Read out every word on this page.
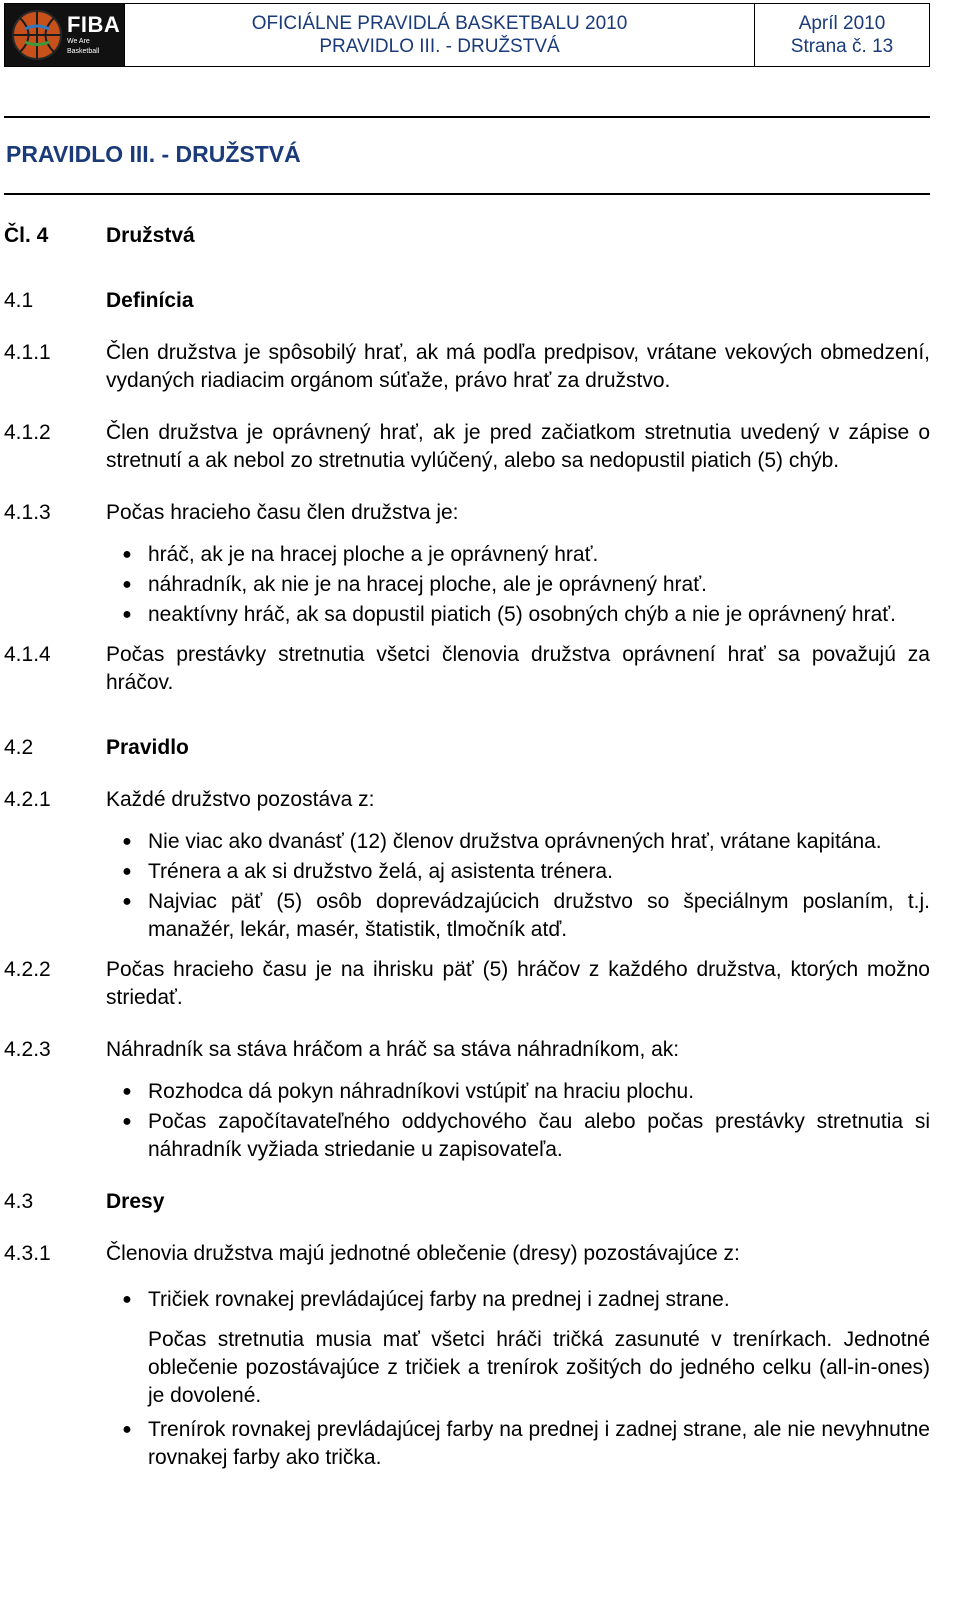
FIBA
We Are Basketball
OFICIÁLNE PRAVIDLÁ BASKETBALU 2010
PRAVIDLO III. - DRUŽSTVÁ
Apríl 2010
Strana č. 13
PRAVIDLO III. - DRUŽSTVÁ
Čl. 4	Družstvá
4.1	Definícia
4.1.1	Člen družstva je spôsobilý hrať, ak má podľa predpisov, vrátane vekových obmedzení, vydaných riadiacim orgánom súťaže, právo hrať za družstvo.
4.1.2	Člen družstva je oprávnený hrať, ak je pred začiatkom stretnutia uvedený v zápise o stretnutí a ak nebol zo stretnutia vylúčený, alebo sa nedopustil piatich (5) chýb.
4.1.3	Počas hracieho času člen družstva je:
● hráč, ak je na hracej ploche a je oprávnený hrať.
● náhradník, ak nie je na hracej ploche, ale je oprávnený hrať.
● neaktívny hráč, ak sa dopustil piatich (5) osobných chýb a nie je oprávnený hrať.
4.1.4	Počas prestávky stretnutia všetci členovia družstva oprávnení hrať sa považujú za hráčov.
4.2	Pravidlo
4.2.1	Každé družstvo pozostáva z:
● Nie viac ako dvanásť (12) členov družstva oprávnených hrať, vrátane kapitána.
● Trénera a ak si družstvo želá, aj asistenta trénera.
● Najviac päť (5) osôb doprevádzajúcich družstvo so špeciálnym poslaním, t.j. manažér, lekár, masér, štatistik, tlmočník atď.
4.2.2	Počas hracieho času je na ihrisku päť (5) hráčov z každého družstva, ktorých možno striedať.
4.2.3	Náhradník sa stáva hráčom a hráč sa stáva náhradníkom, ak:
● Rozhodca dá pokyn náhradníkovi vstúpiť na hraciu plochu.
● Počas započítavateľného oddychového čau alebo počas prestávky stretnutia si náhradník vyžiada striedanie u zapisovateľa.
4.3	Dresy
4.3.1	Členovia družstva majú jednotné oblečenie (dresy) pozostávajúce z:
● Tričiek rovnakej prevládajúcej farby na prednej i zadnej strane.
Počas stretnutia musia mať všetci hráči tričká zasunuté v trenírkach. Jednotné oblečenie pozostávajúce z tričiek a trenírok zošitých do jedného celku (all-in-ones) je dovolené.
● Trenírok rovnakej prevládajúcej farby na prednej i zadnej strane, ale nie nevyhnutne rovnakej farby ako trička.
